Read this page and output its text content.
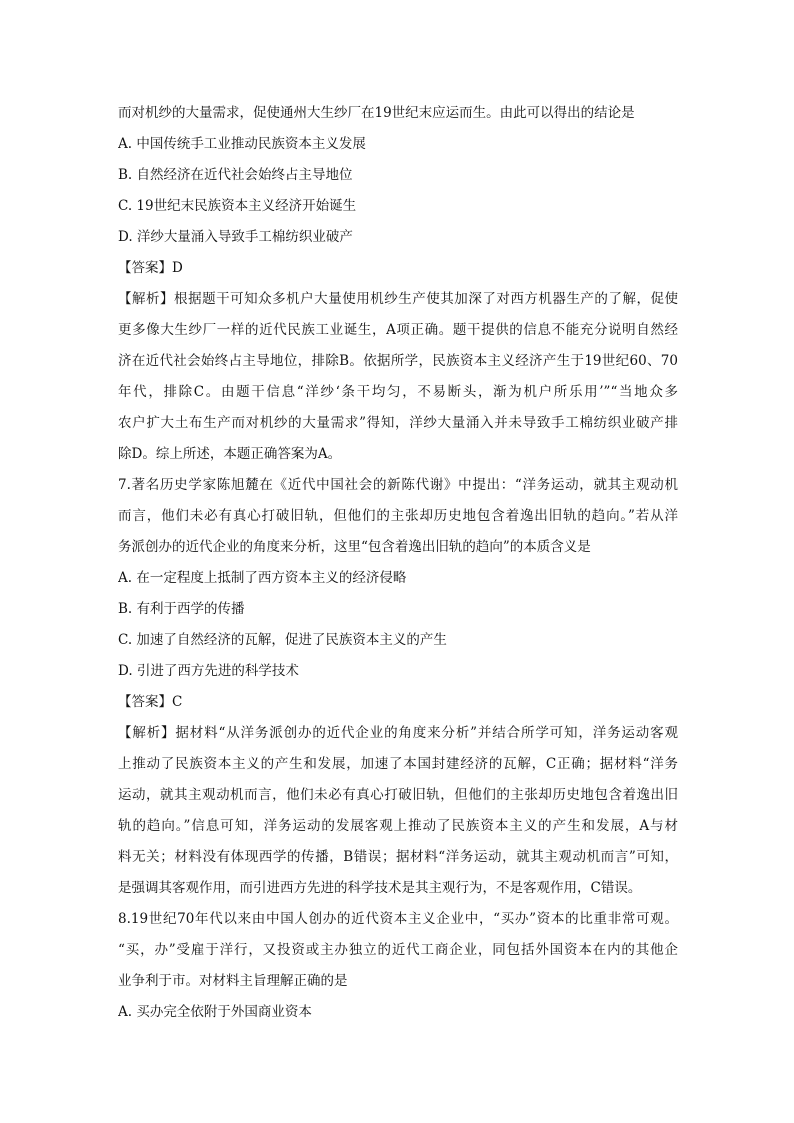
而对机纱的大量需求，促使通州大生纱厂在19世纪末应运而生。由此可以得出的结论是
A. 中国传统手工业推动民族资本主义发展
B. 自然经济在近代社会始终占主导地位
C. 19世纪末民族资本主义经济开始诞生
D. 洋纱大量涌入导致手工棉纺织业破产
【答案】D
【解析】根据题干可知众多机户大量使用机纱生产使其加深了对西方机器生产的了解，促使
更多像大生纱厂一样的近代民族工业诞生，A项正确。题干提供的信息不能充分说明自然经
济在近代社会始终占主导地位，排除B。依据所学，民族资本主义经济产生于19世纪60、70
年代，排除C。由题干信息“洋纱‘条干均匀，不易断头，渐为机户所乐用’”“当地众多
农户扩大土布生产而对机纱的大量需求”得知，洋纱大量涌入并未导致手工棉纺织业破产排
除D。综上所述，本题正确答案为A。
7.著名历史学家陈旭麓在《近代中国社会的新陈代谢》中提出：“洋务运动，就其主观动机
而言，他们未必有真心打破旧轨，但他们的主张却历史地包含着逸出旧轨的趋向。”若从洋
务派创办的近代企业的角度来分析，这里“包含着逸出旧轨的趋向”的本质含义是
A. 在一定程度上抵制了西方资本主义的经济侵略
B. 有利于西学的传播
C. 加速了自然经济的瓦解，促进了民族资本主义的产生
D. 引进了西方先进的科学技术
【答案】C
【解析】据材料“从洋务派创办的近代企业的角度来分析”并结合所学可知，洋务运动客观
上推动了民族资本主义的产生和发展，加速了本国封建经济的瓦解，C正确；据材料“洋务
运动，就其主观动机而言，他们未必有真心打破旧轨，但他们的主张却历史地包含着逸出旧
轨的趋向。”信息可知，洋务运动的发展客观上推动了民族资本主义的产生和发展，A与材
料无关；材料没有体现西学的传播，B错误；据材料“洋务运动，就其主观动机而言”可知，
是强调其客观作用，而引进西方先进的科学技术是其主观行为，不是客观作用，C错误。
8.19世纪70年代以来由中国人创办的近代资本主义企业中，“买办”资本的比重非常可观。
“买，办”受雇于洋行，又投资或主办独立的近代工商企业，同包括外国资本在内的其他企
业争利于市。对材料主旨理解正确的是
A. 买办完全依附于外国商业资本
